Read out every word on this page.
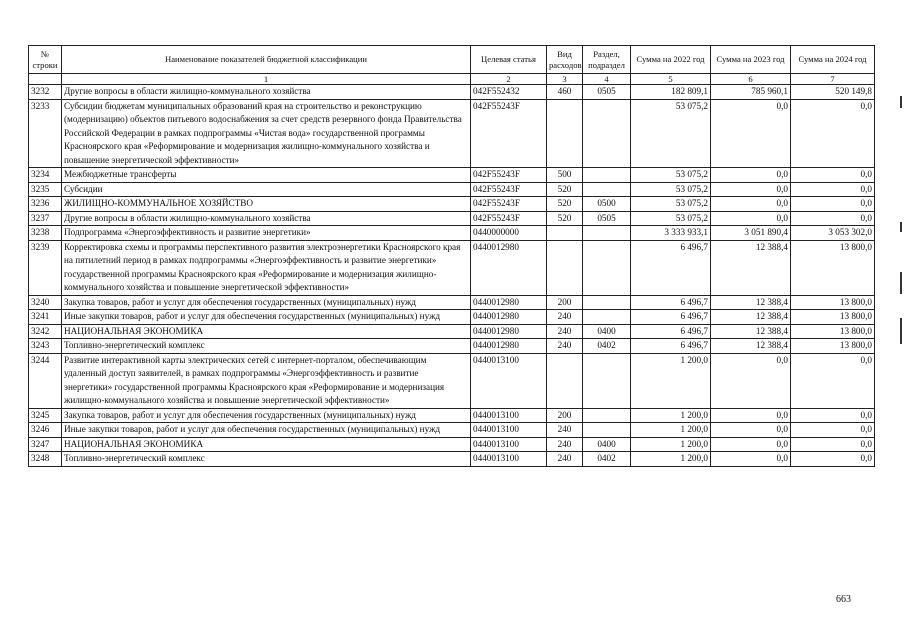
№ строки	Наименование показателей бюджетной классификации	Целевая статья	Вид расходов	Раздел, подраздел	Сумма на 2022 год	Сумма на 2023 год	Сумма на 2024 год
	1	2	3	4	5	6	7
3232	Другие вопросы в области жилищно-коммунального хозяйства	042F552432	460	0505	182 809,1	785 960,1	520 149,8
3233	Субсидии бюджетам муниципальных образований края на строительство и реконструкцию (модернизацию) объектов питьевого водоснабжения за счет средств резервного фонда Правительства Российской Федерации в рамках подпрограммы «Чистая вода» государственной программы Красноярского края «Реформирование и модернизация жилищно-коммунального хозяйства и повышение энергетической эффективности»	042F55243F			53 075,2	0,0	0,0
3234	Межбюджетные трансферты	042F55243F	500		53 075,2	0,0	0,0
3235	Субсидии	042F55243F	520		53 075,2	0,0	0,0
3236	ЖИЛИЩНО-КОММУНАЛЬНОЕ ХОЗЯЙСТВО	042F55243F	520	0500	53 075,2	0,0	0,0
3237	Другие вопросы в области жилищно-коммунального хозяйства	042F55243F	520	0505	53 075,2	0,0	0,0
3238	Подпрограмма «Энергоэффективность и развитие энергетики»	0440000000			3 333 933,1	3 051 890,4	3 053 302,0
3239	Корректировка схемы и программы перспективного развития электроэнергетики Красноярского края на пятилетний период в рамках подпрограммы «Энергоэффективность и развитие энергетики» государственной программы Красноярского края «Реформирование и модернизация жилищно-коммунального хозяйства и повышение энергетической эффективности»	0440012980			6 496,7	12 388,4	13 800,0
3240	Закупка товаров, работ и услуг для обеспечения государственных (муниципальных) нужд	0440012980	200		6 496,7	12 388,4	13 800,0
3241	Иные закупки товаров, работ и услуг для обеспечения государственных (муниципальных) нужд	0440012980	240		6 496,7	12 388,4	13 800,0
3242	НАЦИОНАЛЬНАЯ ЭКОНОМИКА	0440012980	240	0400	6 496,7	12 388,4	13 800,0
3243	Топливно-энергетический комплекс	0440012980	240	0402	6 496,7	12 388,4	13 800,0
3244	Развитие интерактивной карты электрических сетей с интернет-порталом, обеспечивающим удаленный доступ заявителей, в рамках подпрограммы «Энергоэффективность и развитие энергетики» государственной программы Красноярского края «Реформирование и модернизация жилищно-коммунального хозяйства и повышение энергетической эффективности»	0440013100			1 200,0	0,0	0,0
3245	Закупка товаров, работ и услуг для обеспечения государственных (муниципальных) нужд	0440013100	200		1 200,0	0,0	0,0
3246	Иные закупки товаров, работ и услуг для обеспечения государственных (муниципальных) нужд	0440013100	240		1 200,0	0,0	0,0
3247	НАЦИОНАЛЬНАЯ ЭКОНОМИКА	0440013100	240	0400	1 200,0	0,0	0,0
3248	Топливно-энергетический комплекс	0440013100	240	0402	1 200,0	0,0	0,0
663
